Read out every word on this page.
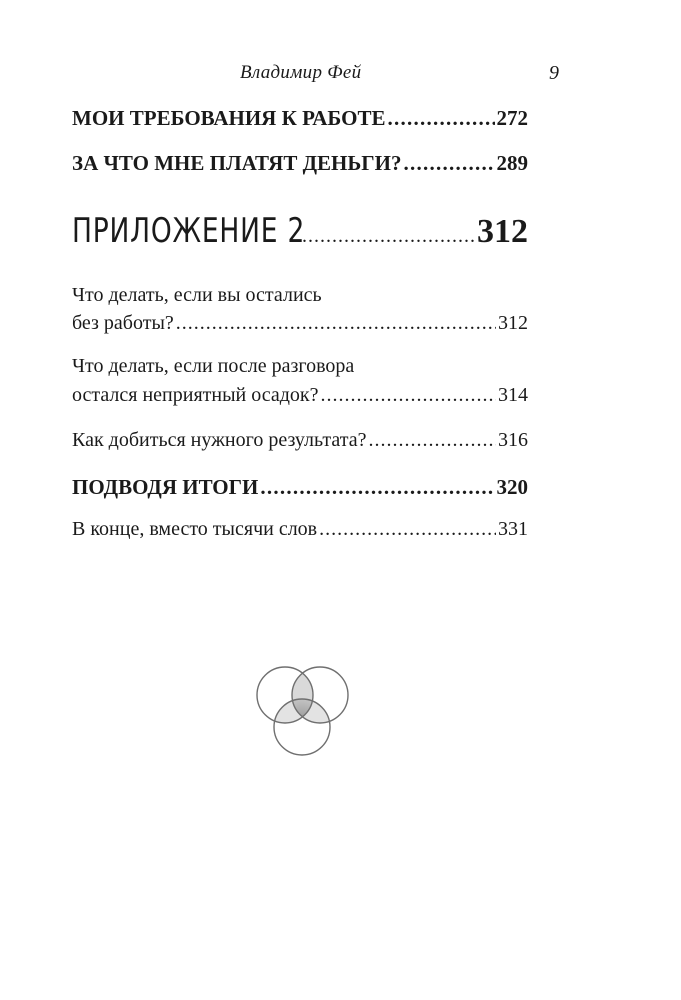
Владимир Фей	9
МОИ ТРЕБОВАНИЯ К РАБОТЕ . . .	272
ЗА ЧТО МНЕ ПЛАТЯТ ДЕНЬГИ? . . .	289
ПРИЛОЖЕНИЕ 2 . . .	312
Что делать, если вы остались
без работы? . . .	312
Что делать, если после разговора
остался неприятный осадок? . . .	314
Как добиться нужного результата? . . .	316
ПОДВОДЯ ИТОГИ . . .	320
В конце, вместо тысячи слов . . .	331
